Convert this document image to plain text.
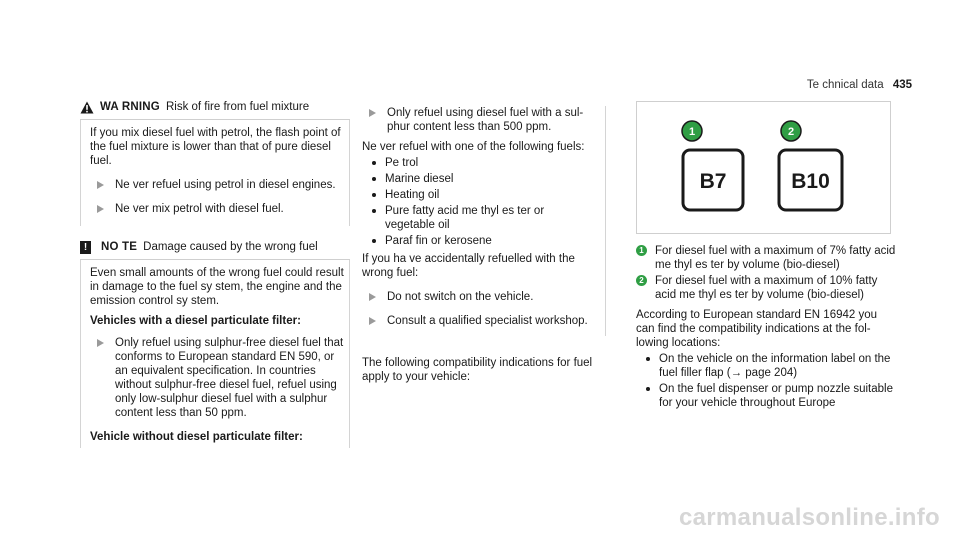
Te chnical data 435
WA RNING Risk of fire from fuel mixture

If you mix diesel fuel with petrol, the flash point of the fuel mixture is lower than that of pure diesel fuel.

Ne ver refuel using petrol in diesel engines.
Ne ver mix petrol with diesel fuel.
!	NO TE Damage caused by the wrong fuel

Even small amounts of the wrong fuel could result in damage to the fuel sy stem, the engine and the emission control sy stem.

Vehicles with a diesel particulate filter:
Only refuel using sulphur-free diesel fuel that conforms to European standard EN 590, or an equivalent specification. In countries without sulphur-free diesel fuel, refuel using only low-sulphur diesel fuel with a sulphur content less than 50 ppm.
Vehicle without diesel particulate filter:
Only refuel using diesel fuel with a sul‐ phur content less than 500 ppm.

Ne ver refuel with one of the following fuels:

Pe trol
Marine diesel
Heating oil
Pure fatty acid me thyl es ter or vegetable oil
Paraf fin or kerosene

If you ha ve accidentally refuelled with the wrong fuel:

Do not switch on the vehicle.
Consult a qualified specialist workshop.

The following compatibility indications for fuel apply to your vehicle:

1
B7
2
B10
1 For diesel fuel with a maximum of 7% fatty acid me thyl es ter by volume (bio-diesel)
2 For diesel fuel with a maximum of 10% fatty acid me thyl es ter by volume (bio-diesel)

According to European standard EN 16942 you can find the compatibility indications at the fol‐ lowing locations:

On the vehicle on the information label on the fuel filler flap (→ page 204)
On the fuel dispenser or pump nozzle suitable for your vehicle throughout Europe
carmanualsonline.info
